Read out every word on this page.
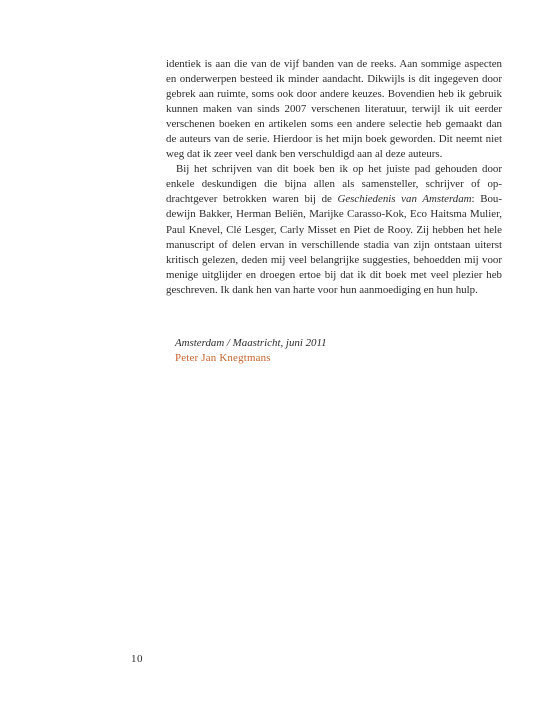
identiek is aan die van de vijf banden van de reeks. Aan sommige aspecten en onderwerpen besteed ik minder aandacht. Dikwijls is dit ingegeven door gebrek aan ruimte, soms ook door andere keuzes. Bovendien heb ik gebruik kunnen maken van sinds 2007 verschenen literatuur, terwijl ik uit eerder verschenen boeken en artikelen soms een andere selectie heb gemaakt dan de auteurs van de serie. Hierdoor is het mijn boek geworden. Dit neemt niet weg dat ik zeer veel dank ben verschuldigd aan al deze auteurs.

Bij het schrijven van dit boek ben ik op het juiste pad gehouden door enkele deskundigen die bijna allen als samensteller, schrijver of opdrachtgever betrokken waren bij de Geschiedenis van Amsterdam: Boudewijn Bakker, Herman Beliën, Marijke Carasso-Kok, Eco Haitsma Mulier, Paul Knevel, Clé Lesger, Carly Misset en Piet de Rooy. Zij hebben het hele manuscript of delen ervan in verschillende stadia van zijn ontstaan uiterst kritisch gelezen, deden mij veel belangrijke suggesties, behoedden mij voor menige uitglijder en droegen ertoe bij dat ik dit boek met veel plezier heb geschreven. Ik dank hen van harte voor hun aanmoediging en hun hulp.

Amsterdam / Maastricht, juni 2011
Peter Jan Knegtmans
10
